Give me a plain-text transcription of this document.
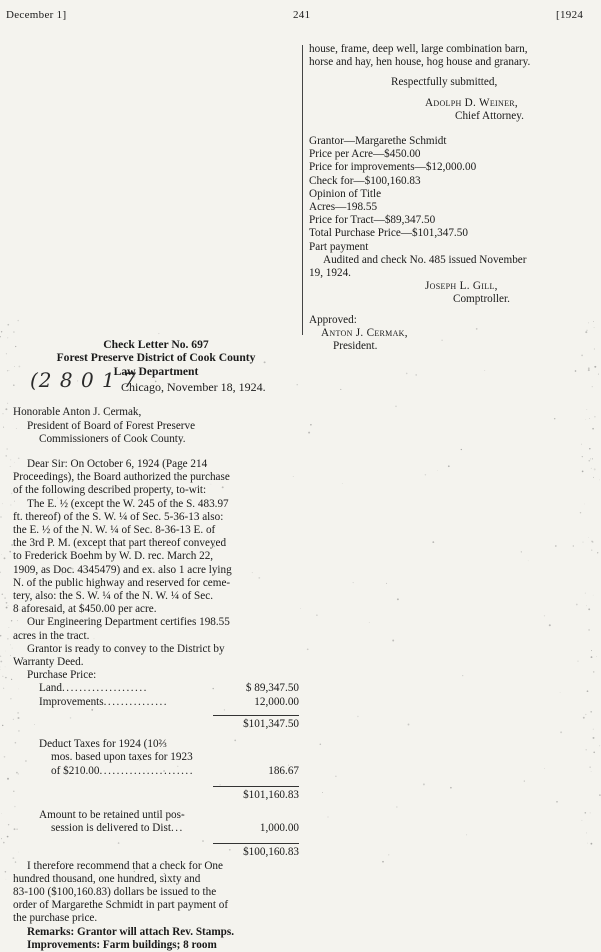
December 1]	241	[1924
house, frame, deep well, large combination barn,
horse and hay, hen house, hog house and granary.
Respectfully submitted,
Adolph D. Weiner,
Chief Attorney.
Grantor—Margarethe Schmidt
Price per Acre—$450.00
Price for improvements—$12,000.00
Check for—$100,160.83
Opinion of Title
Acres—198.55
Price for Tract—$89,347.50
Total Purchase Price—$101,347.50
Part payment
Audited and check No. 485 issued November
19, 1924.
Joseph L. Gill,
Comptroller.
Approved:
Anton J. Cermak,
President.
(2 8 0 1 7
Check Letter No. 697
Forest Preserve District of Cook County
Law Department
Chicago, November 18, 1924.
Honorable Anton J. Cermak,
President of Board of Forest Preserve
Commissioners of Cook County.
Dear Sir: On October 6, 1924 (Page 214
Proceedings), the Board authorized the purchase
of the following described property, to-wit:
The E. ½ (except the W. 245 of the S. 483.97
ft. thereof) of the S. W. ¼ of Sec. 5-36-13 also:
the E. ½ of the N. W. ¼ of Sec. 8-36-13 E. of
the 3rd P. M. (except that part thereof conveyed
to Frederick Boehm by W. D. rec. March 22,
1909, as Doc. 4345479) and ex. also 1 acre lying
N. of the public highway and reserved for ceme-
tery, also: the S. W. ¼ of the N. W. ¼ of Sec.
8 aforesaid, at $450.00 per acre.
Our Engineering Department certifies 198.55
acres in the tract.
Grantor is ready to convey to the District by
Warranty Deed.
Purchase Price:
Land....................	$ 89,347.50
Improvements...............	12,000.00
$101,347.50
Deduct Taxes for 1924 (10⅔
mos. based upon taxes for 1923
of $210.00......................	186.67
$101,160.83
Amount to be retained until pos-
session is delivered to Dist...	1,000.00
$100,160.83
I therefore recommend that a check for One
hundred thousand, one hundred, sixty and
83-100 ($100,160.83) dollars be issued to the
order of Margarethe Schmidt in part payment of
the purchase price.
Remarks: Grantor will attach Rev. Stamps.
Improvements: Farm buildings; 8 room
